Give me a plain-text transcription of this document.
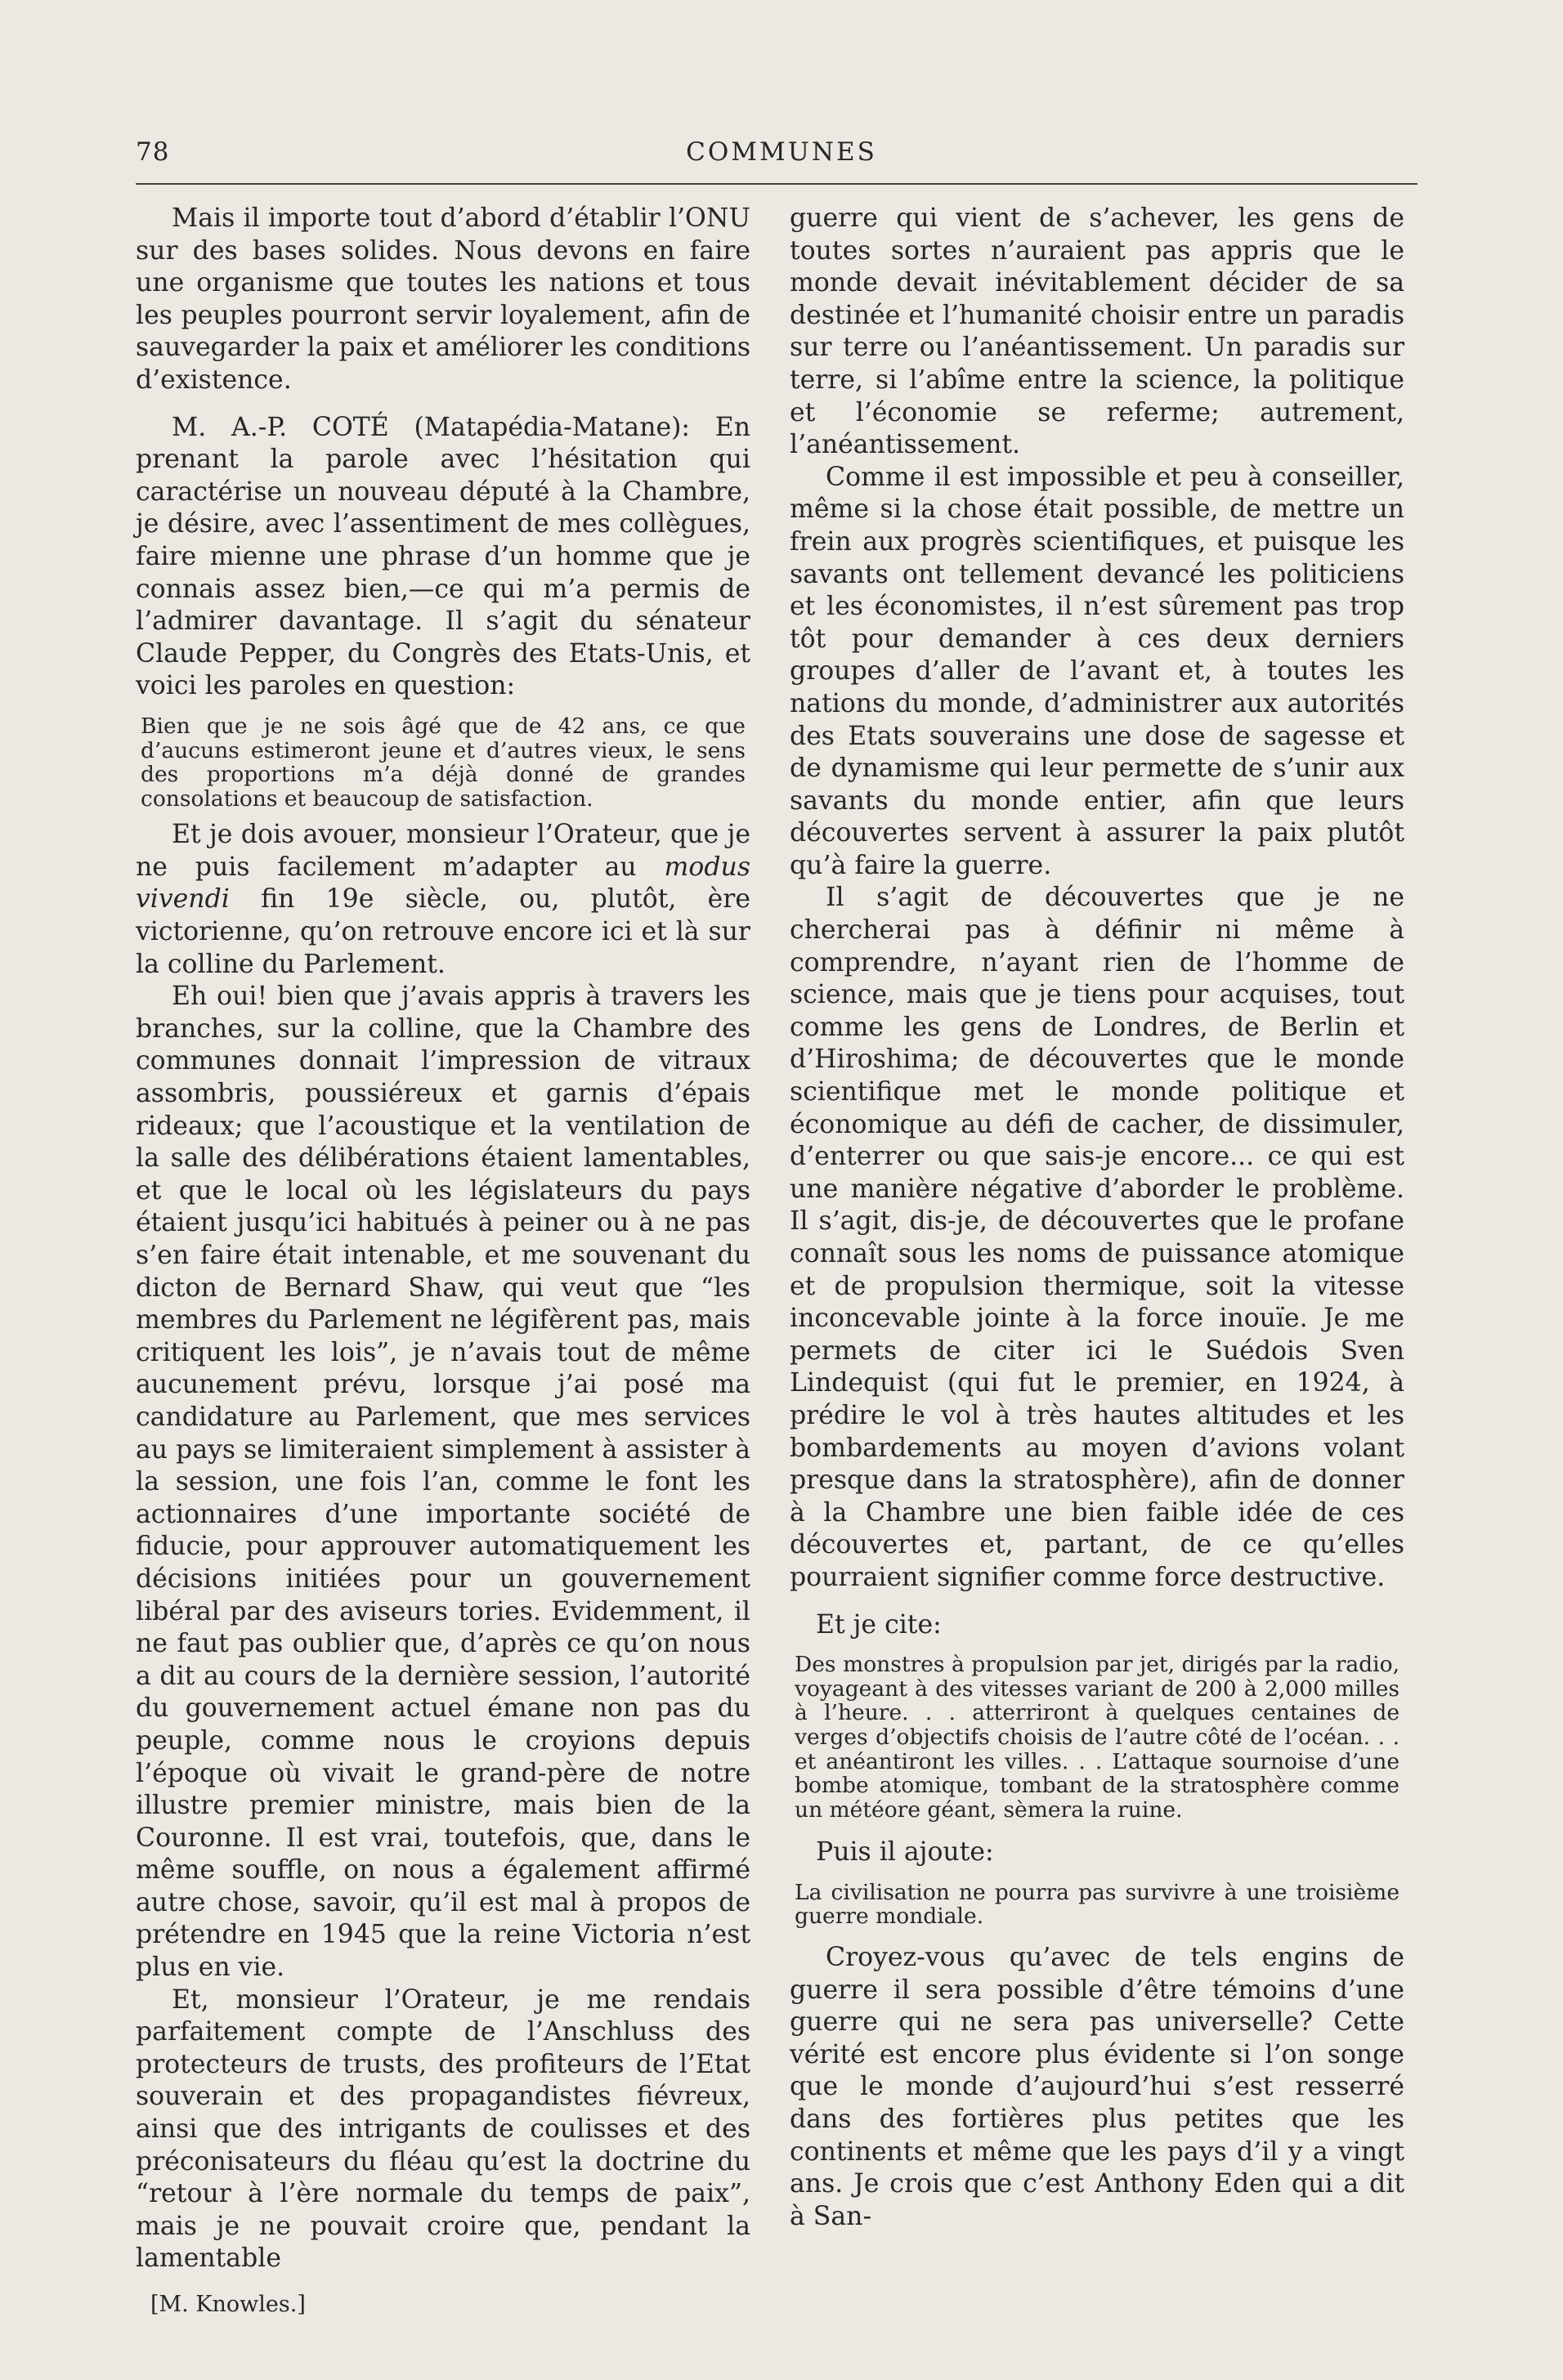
78	COMMUNES

Mais il importe tout d’abord d’établir l’ONU sur des bases solides. Nous devons en faire une organisme que toutes les nations et tous les peuples pourront servir loyalement, afin de sauvegarder la paix et améliorer les conditions d’existence.

M. A.-P. COTÉ (Matapédia-Matane): En prenant la parole avec l’hésitation qui caractérise un nouveau député à la Chambre, je désire, avec l’assentiment de mes collègues, faire mienne une phrase d’un homme que je connais assez bien,—ce qui m’a permis de l’admirer davantage. Il s’agit du sénateur Claude Pepper, du Congrès des Etats-Unis, et voici les paroles en question:

Bien que je ne sois âgé que de 42 ans, ce que d’aucuns estimeront jeune et d’autres vieux, le sens des proportions m’a déjà donné de grandes consolations et beaucoup de satisfaction.

Et je dois avouer, monsieur l’Orateur, que je ne puis facilement m’adapter au modus vivendi fin 19e siècle, ou, plutôt, ère victorienne, qu’on retrouve encore ici et là sur la colline du Parlement.

Eh oui! bien que j’avais appris à travers les branches, sur la colline, que la Chambre des communes donnait l’impression de vitraux assombris, poussiéreux et garnis d’épais rideaux; que l’acoustique et la ventilation de la salle des délibérations étaient lamentables, et que le local où les législateurs du pays étaient jusqu’ici habitués à peiner ou à ne pas s’en faire était intenable, et me souvenant du dicton de Bernard Shaw, qui veut que “les membres du Parlement ne légifèrent pas, mais critiquent les lois”, je n’avais tout de même aucunement prévu, lorsque j’ai posé ma candidature au Parlement, que mes services au pays se limiteraient simplement à assister à la session, une fois l’an, comme le font les actionnaires d’une importante société de fiducie, pour approuver automatiquement les décisions initiées pour un gouvernement libéral par des aviseurs tories. Evidemment, il ne faut pas oublier que, d’après ce qu’on nous a dit au cours de la dernière session, l’autorité du gouvernement actuel émane non pas du peuple, comme nous le croyions depuis l’époque où vivait le grand-père de notre illustre premier ministre, mais bien de la Couronne. Il est vrai, toutefois, que, dans le même souffle, on nous a également affirmé autre chose, savoir, qu’il est mal à propos de prétendre en 1945 que la reine Victoria n’est plus en vie.

Et, monsieur l’Orateur, je me rendais parfaitement compte de l’Anschluss des protecteurs de trusts, des profiteurs de l’Etat souverain et des propagandistes fiévreux, ainsi que des intrigants de coulisses et des préconisateurs du fléau qu’est la doctrine du “retour à l’ère normale du temps de paix”, mais je ne pouvait croire que, pendant la lamentable

[M. Knowles.]

guerre qui vient de s’achever, les gens de toutes sortes n’auraient pas appris que le monde devait inévitablement décider de sa destinée et l’humanité choisir entre un paradis sur terre ou l’anéantissement. Un paradis sur terre, si l’abîme entre la science, la politique et l’économie se referme; autrement, l’anéantissement.

Comme il est impossible et peu à conseiller, même si la chose était possible, de mettre un frein aux progrès scientifiques, et puisque les savants ont tellement devancé les politiciens et les économistes, il n’est sûrement pas trop tôt pour demander à ces deux derniers groupes d’aller de l’avant et, à toutes les nations du monde, d’administrer aux autorités des Etats souverains une dose de sagesse et de dynamisme qui leur permette de s’unir aux savants du monde entier, afin que leurs découvertes servent à assurer la paix plutôt qu’à faire la guerre.

Il s’agit de découvertes que je ne chercherai pas à définir ni même à comprendre, n’ayant rien de l’homme de science, mais que je tiens pour acquises, tout comme les gens de Londres, de Berlin et d’Hiroshima; de découvertes que le monde scientifique met le monde politique et économique au défi de cacher, de dissimuler, d’enterrer ou que sais-je encore... ce qui est une manière négative d’aborder le problème. Il s’agit, dis-je, de découvertes que le profane connaît sous les noms de puissance atomique et de propulsion thermique, soit la vitesse inconcevable jointe à la force inouïe. Je me permets de citer ici le Suédois Sven Lindequist (qui fut le premier, en 1924, à prédire le vol à très hautes altitudes et les bombardements au moyen d’avions volant presque dans la stratosphère), afin de donner à la Chambre une bien faible idée de ces découvertes et, partant, de ce qu’elles pourraient signifier comme force destructive.

Et je cite:

Des monstres à propulsion par jet, dirigés par la radio, voyageant à des vitesses variant de 200 à 2,000 milles à l’heure. . . atterriront à quelques centaines de verges d’objectifs choisis de l’autre côté de l’océan. . . et anéantiront les villes. . . L’attaque sournoise d’une bombe atomique, tombant de la stratosphère comme un météore géant, sèmera la ruine.

Puis il ajoute:

La civilisation ne pourra pas survivre à une troisième guerre mondiale.

Croyez-vous qu’avec de tels engins de guerre il sera possible d’être témoins d’une guerre qui ne sera pas universelle? Cette vérité est encore plus évidente si l’on songe que le monde d’aujourd’hui s’est resserré dans des fortières plus petites que les continents et même que les pays d’il y a vingt ans. Je crois que c’est Anthony Eden qui a dit à San-
